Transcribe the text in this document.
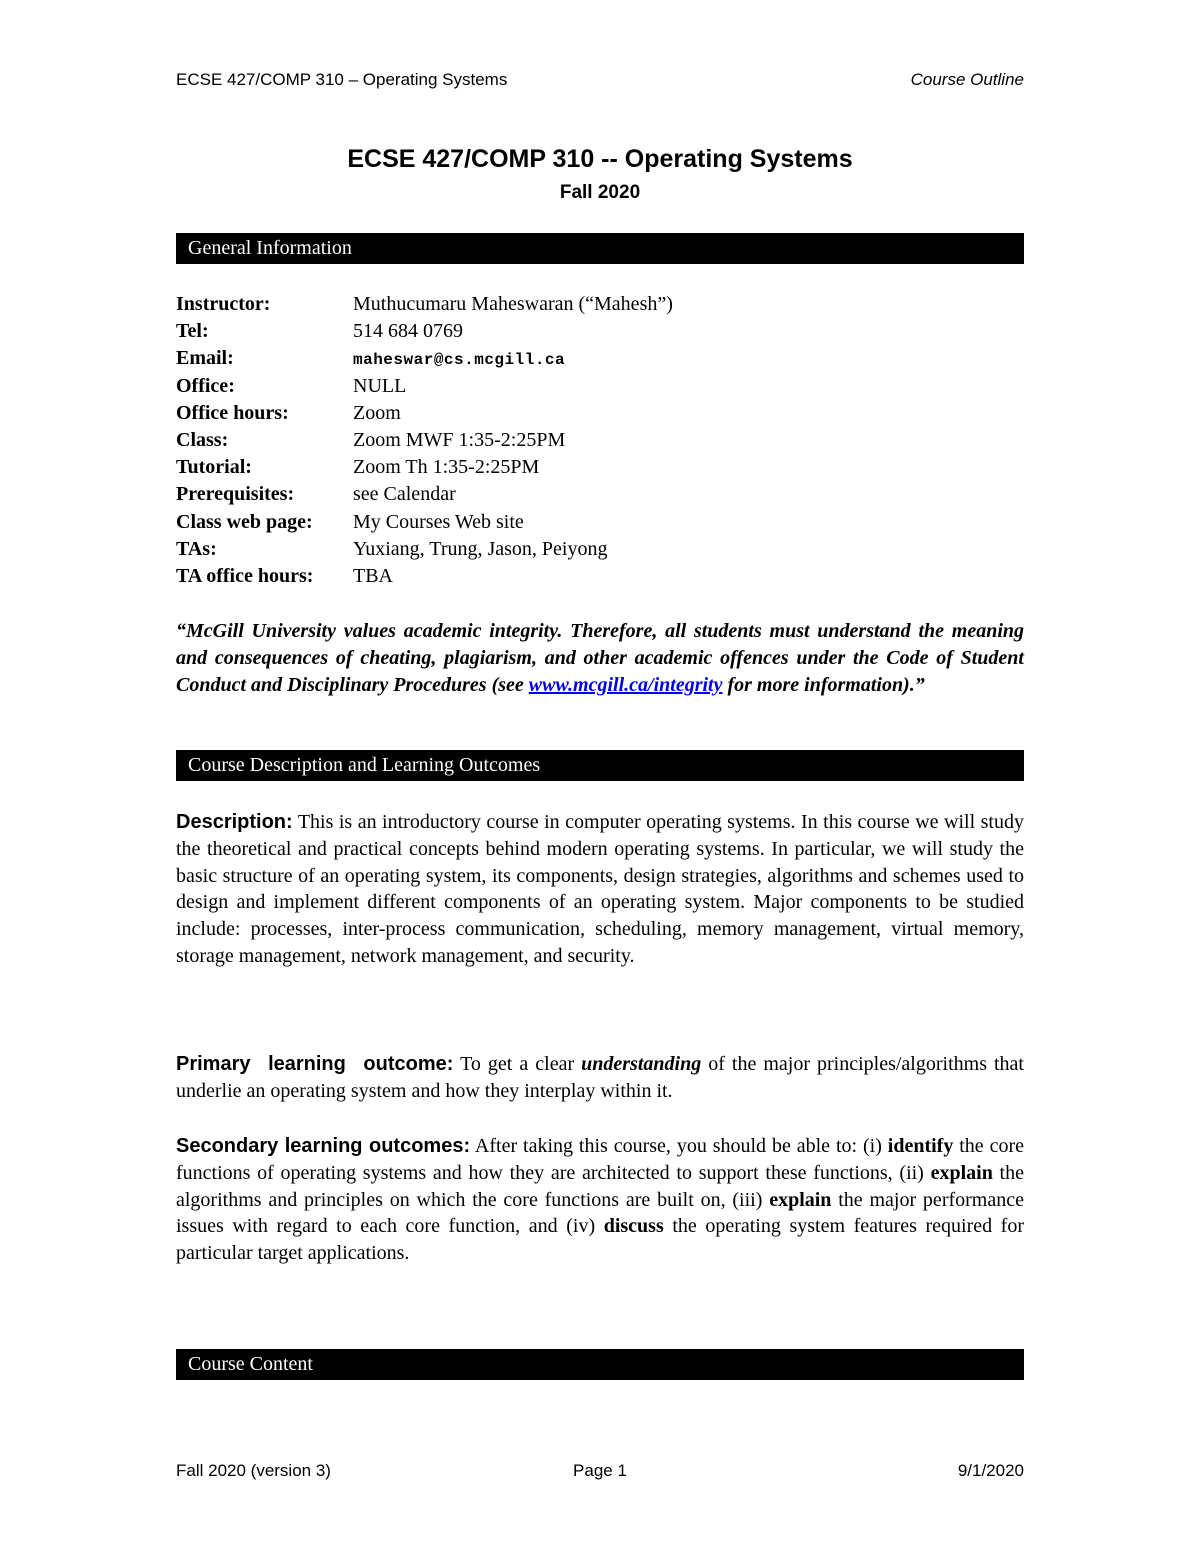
ECSE 427/COMP 310 – Operating Systems	Course Outline
ECSE 427/COMP 310 -- Operating Systems
Fall 2020
General Information
Instructor:	Muthucumaru Maheswaran (“Mahesh”)
Tel:	514 684 0769
Email:	maheswar@cs.mcgill.ca
Office:	NULL
Office hours:	Zoom
Class:	Zoom MWF 1:35-2:25PM
Tutorial:	Zoom Th 1:35-2:25PM
Prerequisites:	see Calendar
Class web page: My Courses Web site
TAs:	Yuxiang, Trung, Jason, Peiyong
TA office hours: TBA

“McGill University values academic integrity. Therefore, all students must understand the meaning and consequences of cheating, plagiarism, and other academic offences under the Code of Student Conduct and Disciplinary Procedures (see www.mcgill.ca/integrity for more information).”

Course Description and Learning Outcomes

Description: This is an introductory course in computer operating systems. In this course we will study the theoretical and practical concepts behind modern operating systems. In particular, we will study the basic structure of an operating system, its components, design strategies, algorithms and schemes used to design and implement different components of an operating system. Major components to be studied include: processes, inter-process communication, scheduling, memory management, virtual memory, storage management, network management, and security.

Primary learning outcome: To get a clear understanding of the major principles/algorithms that underlie an operating system and how they interplay within it.

Secondary learning outcomes: After taking this course, you should be able to: (i) identify the core functions of operating systems and how they are architected to support these functions, (ii) explain the algorithms and principles on which the core functions are built on, (iii) explain the major performance issues with regard to each core function, and (iv) discuss the operating system features required for particular target applications.

Course Content
Fall 2020 (version 3)	Page 1	9/1/2020
